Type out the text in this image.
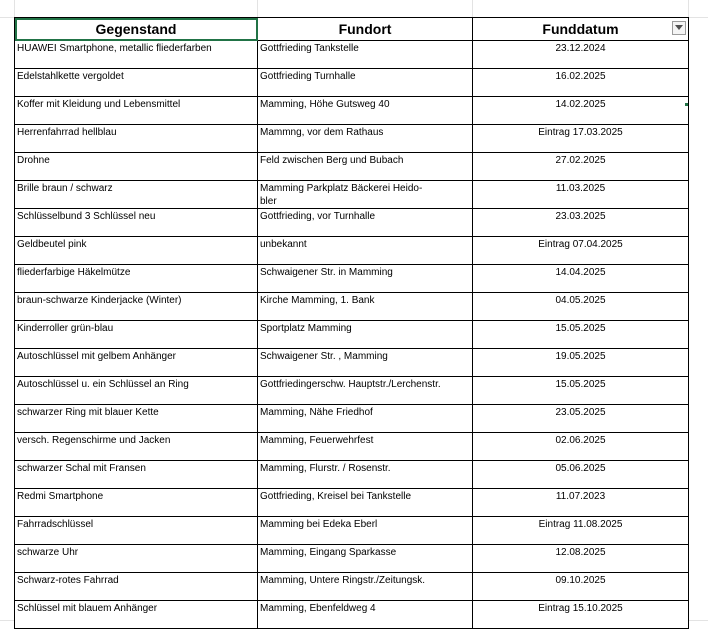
Gegenstand	Fundort	Funddatum

HUAWEI Smartphone, metallic fliederfarben	Gottfrieding Tankstelle	23.12.2024

Edelstahlkette vergoldet	Gottfrieding Turnhalle	16.02.2025

Koffer mit Kleidung und Lebensmittel	Mamming, Höhe Gutsweg 40	14.02.2025

Herrenfahrrad hellblau	Mammng, vor dem Rathaus	Eintrag 17.03.2025

Drohne	Feld zwischen Berg und Bubach	27.02.2025

Brille braun / schwarz	Mamming Parkplatz Bäckerei Heido-​bler	11.03.2025

Schlüsselbund 3 Schlüssel neu	Gottfrieding, vor Turnhalle	23.03.2025

Geldbeutel pink	unbekannt	Eintrag 07.04.2025

fliederfarbige Häkelmütze	Schwaigener Str. in Mamming	14.04.2025

braun-schwarze Kinderjacke (Winter)	Kirche Mamming, 1. Bank	04.05.2025

Kinderroller grün-blau	Sportplatz Mamming	15.05.2025

Autoschlüssel mit gelbem Anhänger	Schwaigener Str. , Mamming	19.05.2025

Autoschlüssel u. ein Schlüssel an Ring	Gottfriedingerschw. Hauptstr./Lerchenstr.	15.05.2025

schwarzer Ring mit blauer Kette	Mamming, Nähe Friedhof	23.05.2025

versch. Regenschirme und Jacken	Mamming, Feuerwehrfest	02.06.2025

schwarzer Schal mit Fransen	Mamming, Flurstr. / Rosenstr.	05.06.2025

Redmi Smartphone	Gottfrieding, Kreisel bei Tankstelle	11.07.2023

Fahrradschlüssel	Mamming bei Edeka Eberl	Eintrag 11.08.2025

schwarze Uhr	Mamming, Eingang Sparkasse	12.08.2025

Schwarz-rotes Fahrrad	Mamming, Untere Ringstr./Zeitungsk.	09.10.2025

Schlüssel mit blauem Anhänger	Mamming, Ebenfeldweg 4	Eintrag 15.10.2025
